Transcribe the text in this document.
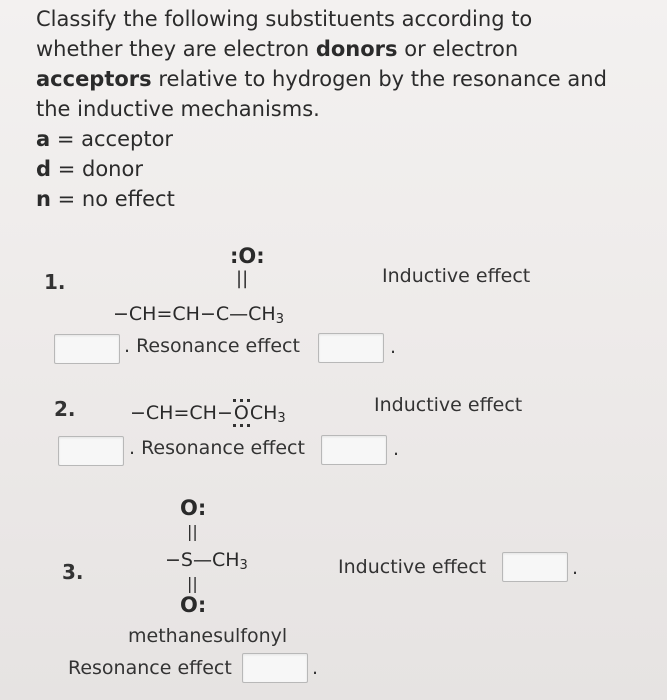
Classify the following substituents according to

whether they are electron donors or electron

acceptors relative to hydrogen by the resonance and

the inductive mechanisms.

a = acceptor

d = donor

n = no effect

1.
:O:
||
$-CH=CH-C—CH_3$
Inductive effect
. Resonance effect	.
2.	$-CH=CH-OCH_3$
Inductive effect
. Resonance effect	.
3.
O:
||
$-S—CH_3$
||
O:
methanesulfonyl
Inductive effect	.
Resonance effect	.
